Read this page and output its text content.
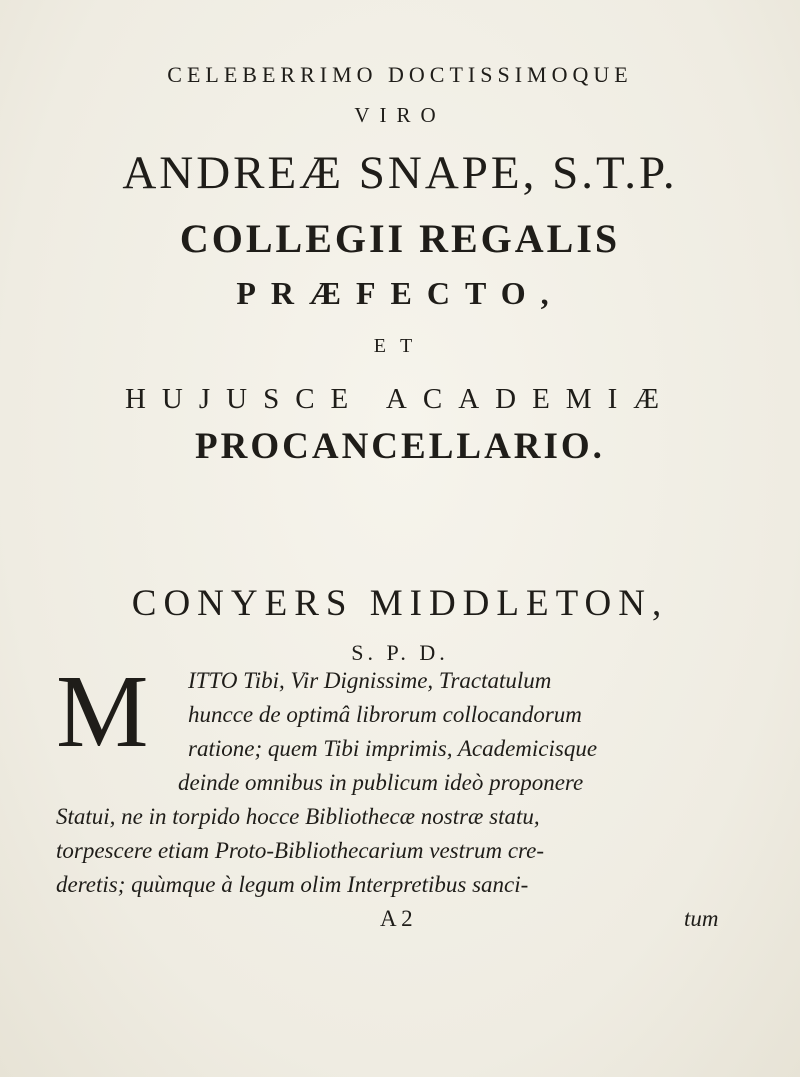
CELEBERRIMO DOCTISSIMOQUE
VIRO
ANDREÆ SNAPE, S.T.P.
COLLEGII REGALIS
PRÆFECTO,
ET
HUJUSCE ACADEMIÆ
PROCANCELLARIO.
CONYERS MIDDLETON,
S. P. D.
M ITTO Tibi, Vir Dignissime, Tractatulum
huncce de optimâ librorum collocandorum
ratione; quem Tibi imprimis, Academicisque
deinde omnibus in publicum ideò proponere
Statui, ne in torpido hocce Bibliothecæ nostræ statu,
torpescere etiam Proto-Bibliothecarium vestrum cre-
deretis; quùmque à legum olim Interpretibus sanci-
A 2	tum
